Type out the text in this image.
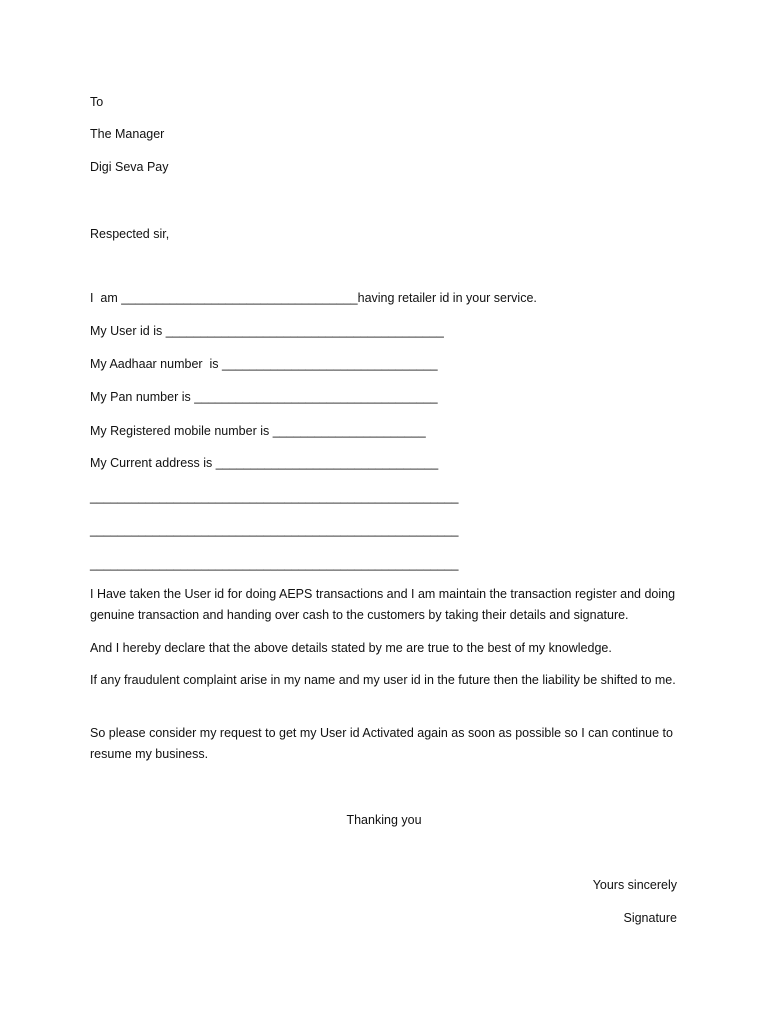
To

The Manager

Digi Seva Pay

Respected sir,

I  am __________________________________having retailer id in your service.

My User id is ________________________________________

My Aadhaar number  is _______________________________

My Pan number is ___________________________________

My Registered mobile number is ______________________

My Current address is ________________________________

_____________________________________________________

_____________________________________________________

_____________________________________________________

I Have taken the User id for doing AEPS transactions and I am maintain the transaction register and doing genuine transaction and handing over cash to the customers by taking their details and signature.

And I hereby declare that the above details stated by me are true to the best of my knowledge.

If any fraudulent complaint arise in my name and my user id in the future then the liability be shifted to me.

So please consider my request to get my User id Activated again as soon as possible so I can continue to resume my business.

Thanking you

Yours sincerely

Signature
